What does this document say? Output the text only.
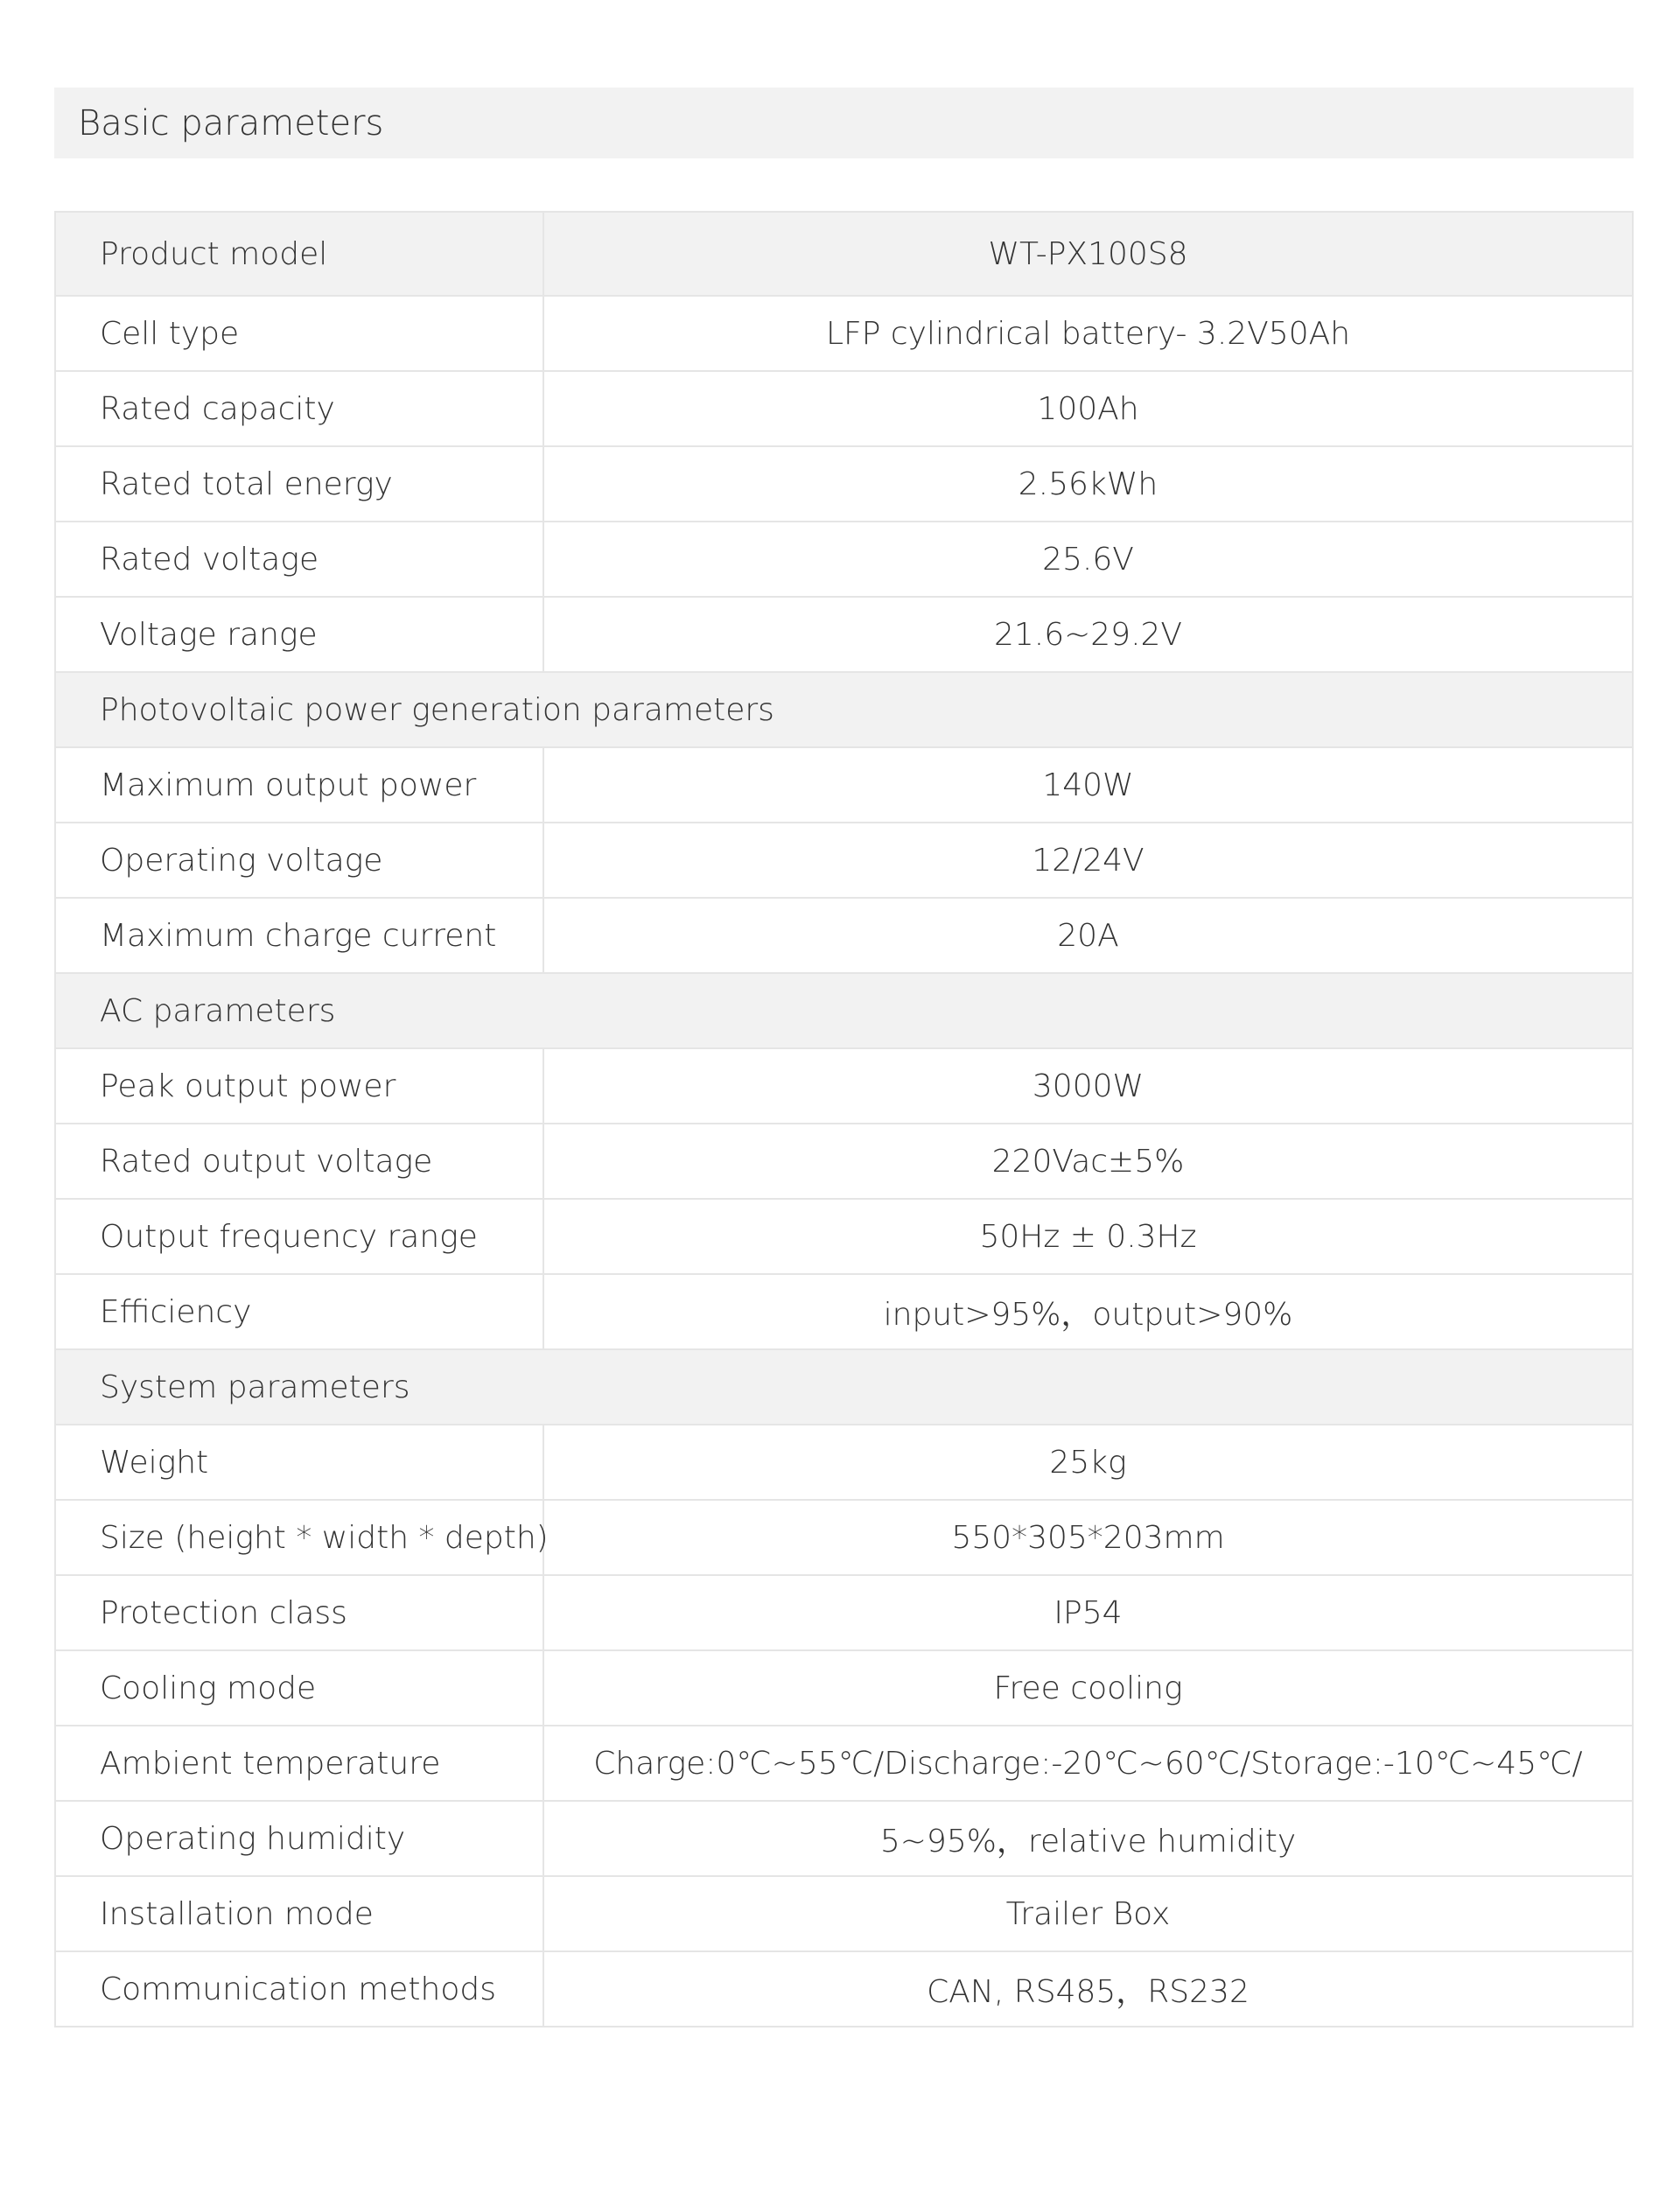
Basic parameters
Product model	WT-PX100S8
Cell type	LFP cylindrical battery- 3.2V50Ah
Rated capacity	100Ah
Rated total energy	2.56kWh
Rated voltage	25.6V
Voltage range	21.6~29.2V
Photovoltaic power generation parameters	
Maximum output power	140W
Operating voltage	12/24V
Maximum charge current	20A
AC parameters	
Peak output power	3000W
Rated output voltage	220Vac±5%
Output frequency range	50Hz ± 0.3Hz
Efficiency	input>95%，output>90%
System parameters	
Weight	25kg
Size (height * width * depth)	550*305*203mm
Protection class	IP54
Cooling mode	Free cooling
Ambient temperature	Charge:0℃~55℃/Discharge:-20℃~60℃/Storage:-10℃~45℃/
Operating humidity	5~95%，relative humidity
Installation mode	Trailer Box
Communication methods	CAN, RS485，RS232
